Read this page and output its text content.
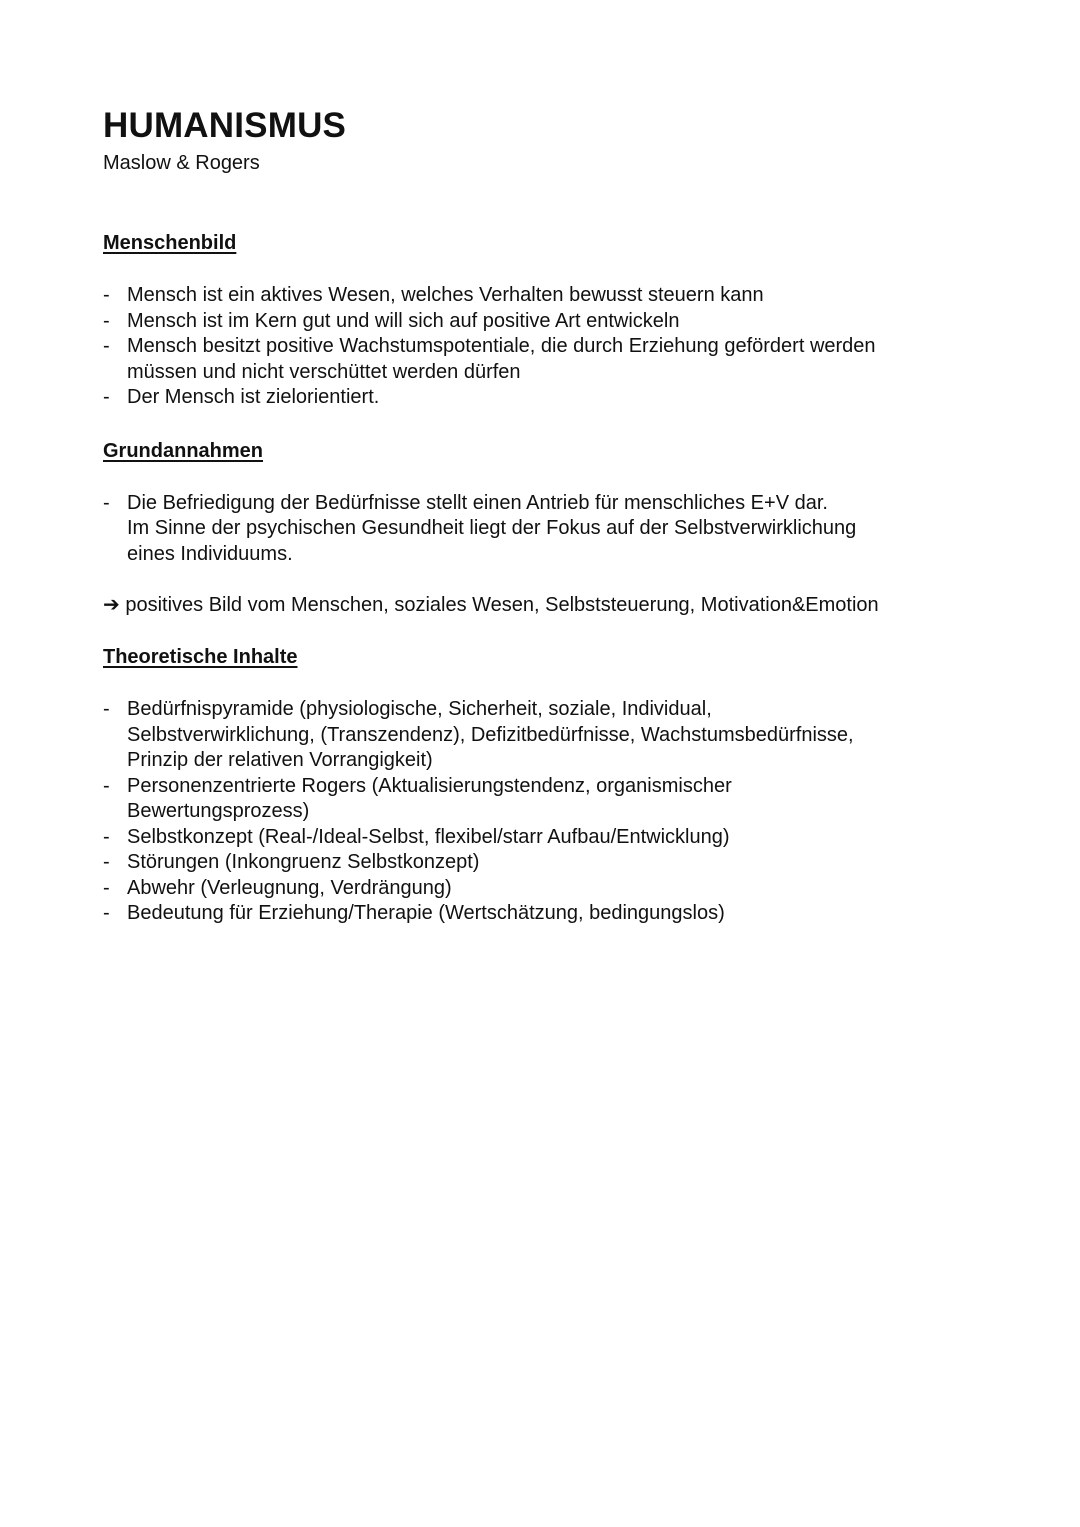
HUMANISMUS
Maslow & Rogers
Menschenbild
- Mensch ist ein aktives Wesen, welches Verhalten bewusst steuern kann
- Mensch ist im Kern gut und will sich auf positive Art entwickeln
- Mensch besitzt positive Wachstumspotentiale, die durch Erziehung gefördert werden
müssen und nicht verschüttet werden dürfen
- Der Mensch ist zielorientiert.
Grundannahmen
- Die Befriedigung der Bedürfnisse stellt einen Antrieb für menschliches E+V dar.
Im Sinne der psychischen Gesundheit liegt der Fokus auf der Selbstverwirklichung
eines Individuums.

➔ positives Bild vom Menschen, soziales Wesen, Selbststeuerung, Motivation&Emotion

Theoretische Inhalte
- Bedürfnispyramide (physiologische, Sicherheit, soziale, Individual,
Selbstverwirklichung, (Transzendenz), Defizitbedürfnisse, Wachstumsbedürfnisse,
Prinzip der relativen Vorrangigkeit)
- Personenzentrierte Rogers (Aktualisierungstendenz, organismischer
Bewertungsprozess)
- Selbstkonzept (Real-/Ideal-Selbst, flexibel/starr Aufbau/Entwicklung)
- Störungen (Inkongruenz Selbstkonzept)
- Abwehr (Verleugnung, Verdrängung)
- Bedeutung für Erziehung/Therapie (Wertschätzung, bedingungslos)
